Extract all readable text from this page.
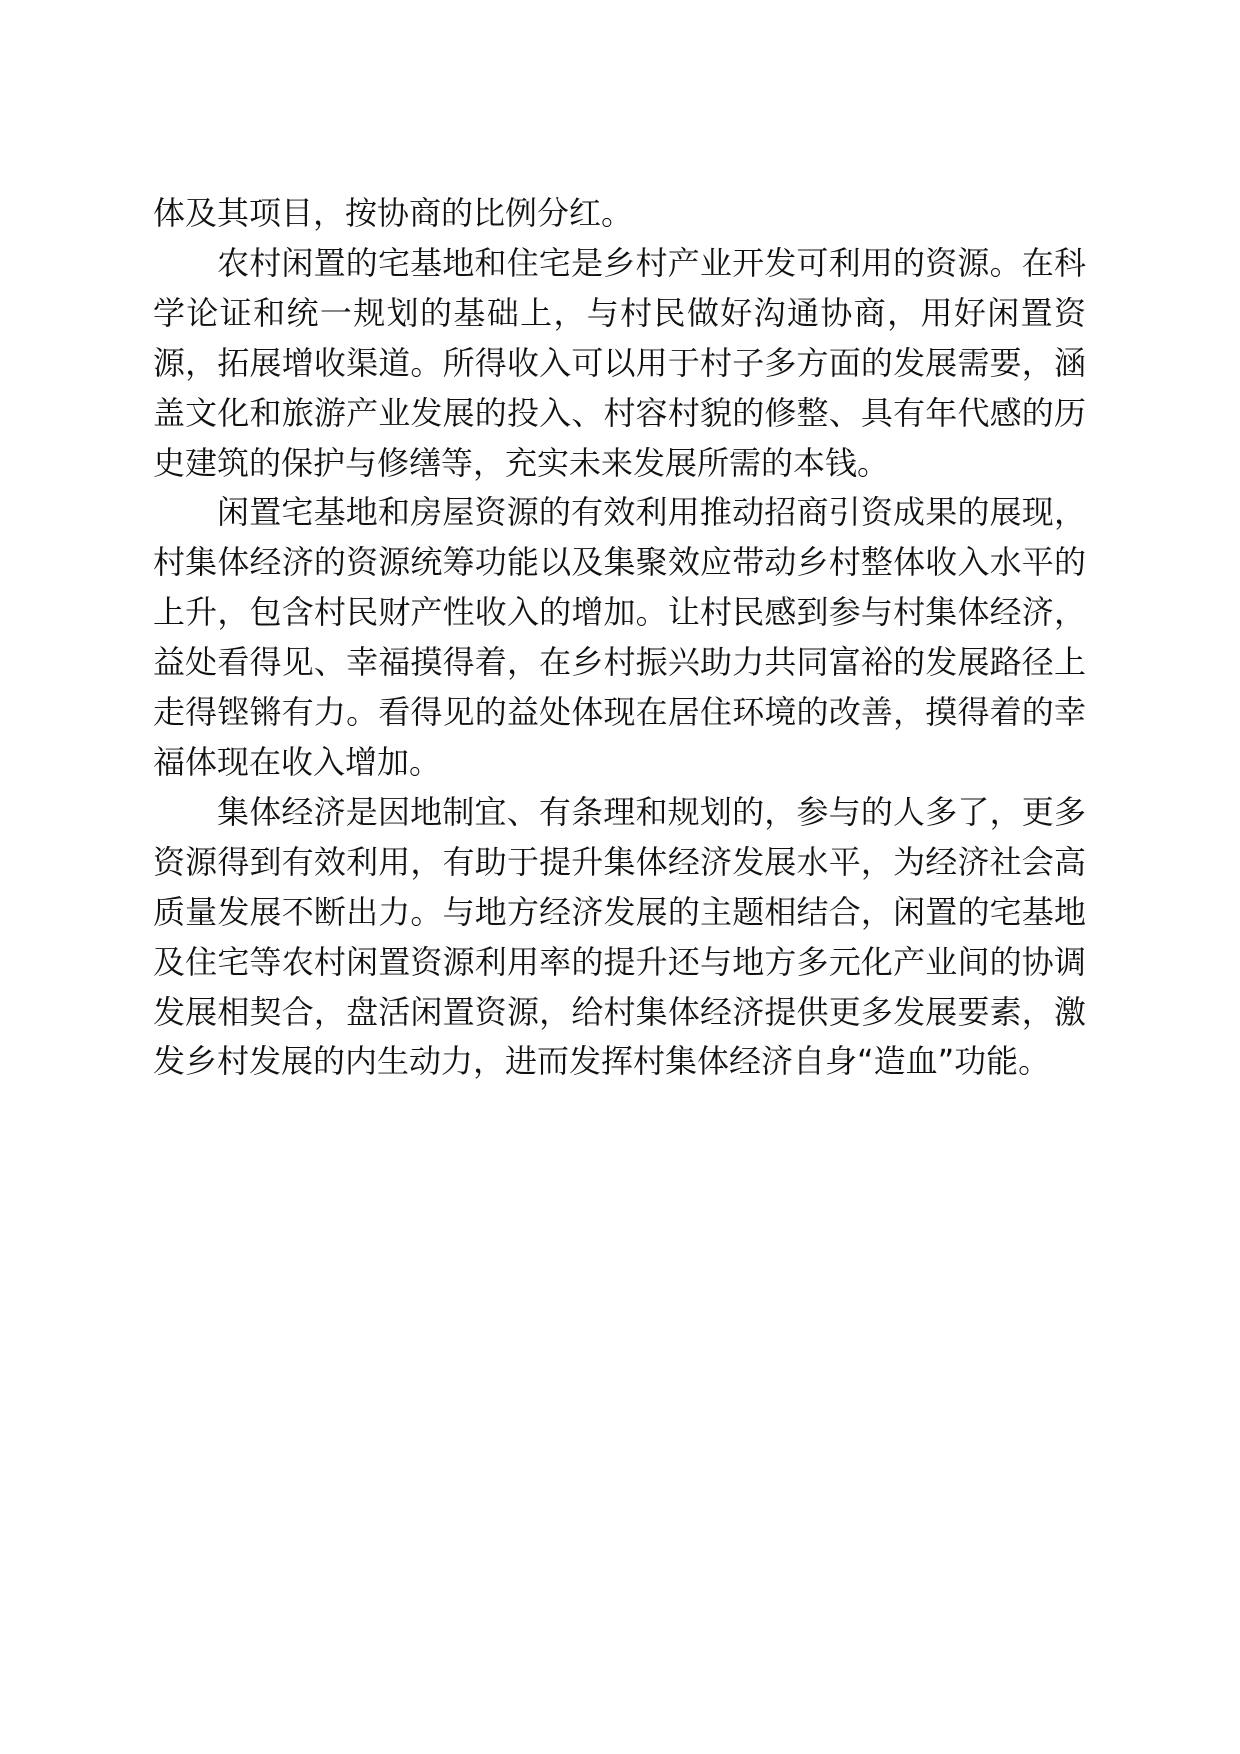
体及其项目，按协商的比例分红。

农村闲置的宅基地和住宅是乡村产业开发可利用的资源。在科学论证和统一规划的基础上，与村民做好沟通协商，用好闲置资源，拓展增收渠道。所得收入可以用于村子多方面的发展需要，涵盖文化和旅游产业发展的投入、村容村貌的修整、具有年代感的历史建筑的保护与修缮等，充实未来发展所需的本钱。

闲置宅基地和房屋资源的有效利用推动招商引资成果的展现，村集体经济的资源统筹功能以及集聚效应带动乡村整体收入水平的上升，包含村民财产性收入的增加。让村民感到参与村集体经济，益处看得见、幸福摸得着，在乡村振兴助力共同富裕的发展路径上走得铿锵有力。看得见的益处体现在居住环境的改善，摸得着的幸福体现在收入增加。

集体经济是因地制宜、有条理和规划的，参与的人多了，更多资源得到有效利用，有助于提升集体经济发展水平，为经济社会高质量发展不断出力。与地方经济发展的主题相结合，闲置的宅基地及住宅等农村闲置资源利用率的提升还与地方多元化产业间的协调发展相契合，盘活闲置资源，给村集体经济提供更多发展要素，激发乡村发展的内生动力，进而发挥村集体经济自身“造血”功能。
